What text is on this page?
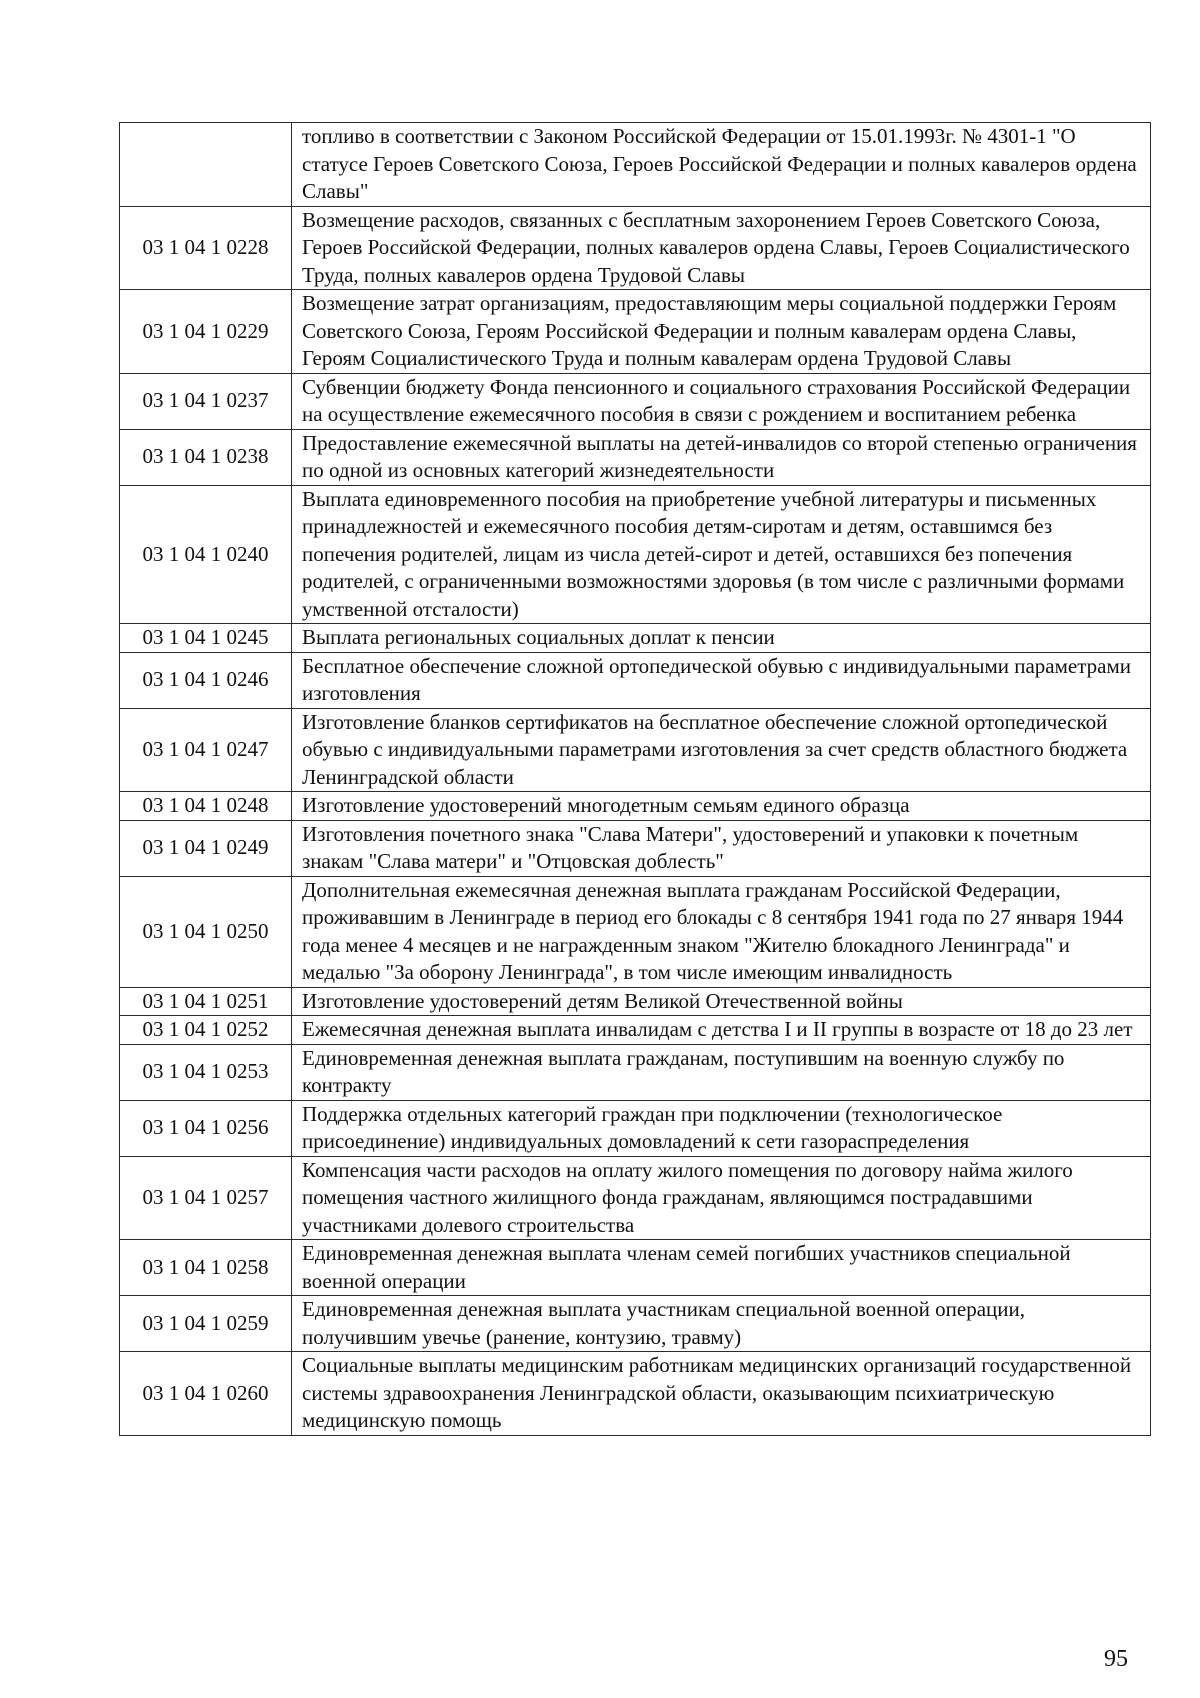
	топливо в соответствии с Законом Российской Федерации от 15.01.1993г. № 4301-1 "О статусе Героев Советского Союза, Героев Российской Федерации и полных кавалеров ордена Славы"
03 1 04 1 0228	Возмещение расходов, связанных с бесплатным захоронением Героев Советского Союза, Героев Российской Федерации, полных кавалеров ордена Славы, Героев Социалистического Труда, полных кавалеров ордена Трудовой Славы
03 1 04 1 0229	Возмещение затрат организациям, предоставляющим меры социальной поддержки Героям Советского Союза, Героям Российской Федерации и полным кавалерам ордена Славы, Героям Социалистического Труда и полным кавалерам ордена Трудовой Славы
03 1 04 1 0237	Субвенции бюджету Фонда пенсионного и социального страхования Российской Федерации на осуществление ежемесячного пособия в связи с рождением и воспитанием ребенка
03 1 04 1 0238	Предоставление ежемесячной выплаты на детей-инвалидов со второй степенью ограничения по одной из основных категорий жизнедеятельности
03 1 04 1 0240	Выплата единовременного пособия на приобретение учебной литературы и письменных принадлежностей и ежемесячного пособия детям-сиротам и детям, оставшимся без попечения родителей, лицам из числа детей-сирот и детей, оставшихся без попечения родителей, с ограниченными возможностями здоровья (в том числе с различными формами умственной отсталости)
03 1 04 1 0245	Выплата региональных социальных доплат к пенсии
03 1 04 1 0246	Бесплатное обеспечение сложной ортопедической обувью с индивидуальными параметрами изготовления
03 1 04 1 0247	Изготовление бланков сертификатов на бесплатное обеспечение сложной ортопедической обувью с индивидуальными параметрами изготовления за счет средств областного бюджета Ленинградской области
03 1 04 1 0248	Изготовление удостоверений многодетным семьям единого образца
03 1 04 1 0249	Изготовления почетного знака "Слава Матери", удостоверений и упаковки к почетным знакам "Слава матери" и "Отцовская доблесть"
03 1 04 1 0250	Дополнительная ежемесячная денежная выплата гражданам Российской Федерации, проживавшим в Ленинграде в период его блокады с 8 сентября 1941 года по 27 января 1944 года менее 4 месяцев и не награжденным знаком "Жителю блокадного Ленинграда" и медалью "За оборону Ленинграда", в том числе имеющим инвалидность
03 1 04 1 0251	Изготовление удостоверений детям Великой Отечественной войны
03 1 04 1 0252	Ежемесячная денежная выплата инвалидам с детства I и II группы в возрасте от 18 до 23 лет
03 1 04 1 0253	Единовременная денежная выплата гражданам, поступившим на военную службу по контракту
03 1 04 1 0256	Поддержка отдельных категорий граждан при подключении (технологическое присоединение) индивидуальных домовладений к сети газораспределения
03 1 04 1 0257	Компенсация части расходов на оплату жилого помещения по договору найма жилого помещения частного жилищного фонда гражданам, являющимся пострадавшими участниками долевого строительства
03 1 04 1 0258	Единовременная денежная выплата членам семей погибших участников специальной военной операции
03 1 04 1 0259	Единовременная денежная выплата участникам специальной военной операции, получившим увечье (ранение, контузию, травму)
03 1 04 1 0260	Социальные выплаты медицинским работникам медицинских организаций государственной системы здравоохранения Ленинградской области, оказывающим психиатрическую медицинскую помощь
95
